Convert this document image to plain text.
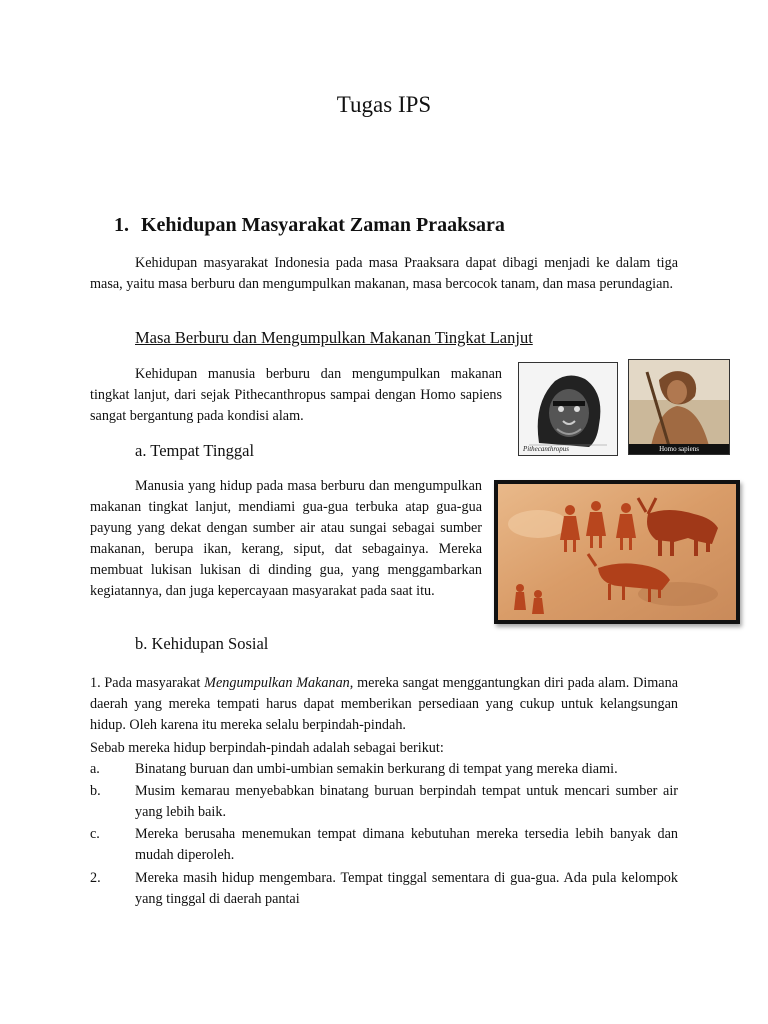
Tugas IPS
1. Kehidupan Masyarakat Zaman Praaksara
Kehidupan masyarakat Indonesia pada masa Praaksara dapat dibagi menjadi ke dalam tiga masa, yaitu masa berburu dan mengumpulkan makanan, masa bercocok tanam, dan masa perundagian.
Masa Berburu dan Mengumpulkan Makanan Tingkat Lanjut
Kehidupan manusia berburu dan mengumpulkan makanan tingkat lanjut, dari sejak Pithecanthropus sampai dengan Homo sapiens sangat bergantung pada kondisi alam.
Pithecanthropus	Homo sapiens
a. Tempat Tinggal
Manusia yang hidup pada masa berburu dan mengumpulkan makanan tingkat lanjut, mendiami gua-gua terbuka atap gua-gua payung yang dekat dengan sumber air atau sungai sebagai sumber makanan, berupa ikan, kerang, siput, dat sebagainya. Mereka membuat lukisan lukisan di dinding gua, yang menggambarkan kegiatannya, dan juga kepercayaan masyarakat pada saat itu.
b. Kehidupan Sosial
1. Pada masyarakat Mengumpulkan Makanan, mereka sangat menggantungkan diri pada alam. Dimana daerah yang mereka tempati harus dapat memberikan persediaan yang cukup untuk kelangsungan hidup. Oleh karena itu mereka selalu berpindah-pindah.
Sebab mereka hidup berpindah-pindah adalah sebagai berikut:
a. Binatang buruan dan umbi-umbian semakin berkurang di tempat yang mereka diami.
b. Musim kemarau menyebabkan binatang buruan berpindah tempat untuk mencari sumber air yang lebih baik.
c. Mereka berusaha menemukan tempat dimana kebutuhan mereka tersedia lebih banyak dan mudah diperoleh.
2. Mereka masih hidup mengembara. Tempat tinggal sementara di gua-gua. Ada pula kelompok yang tinggal di daerah pantai
